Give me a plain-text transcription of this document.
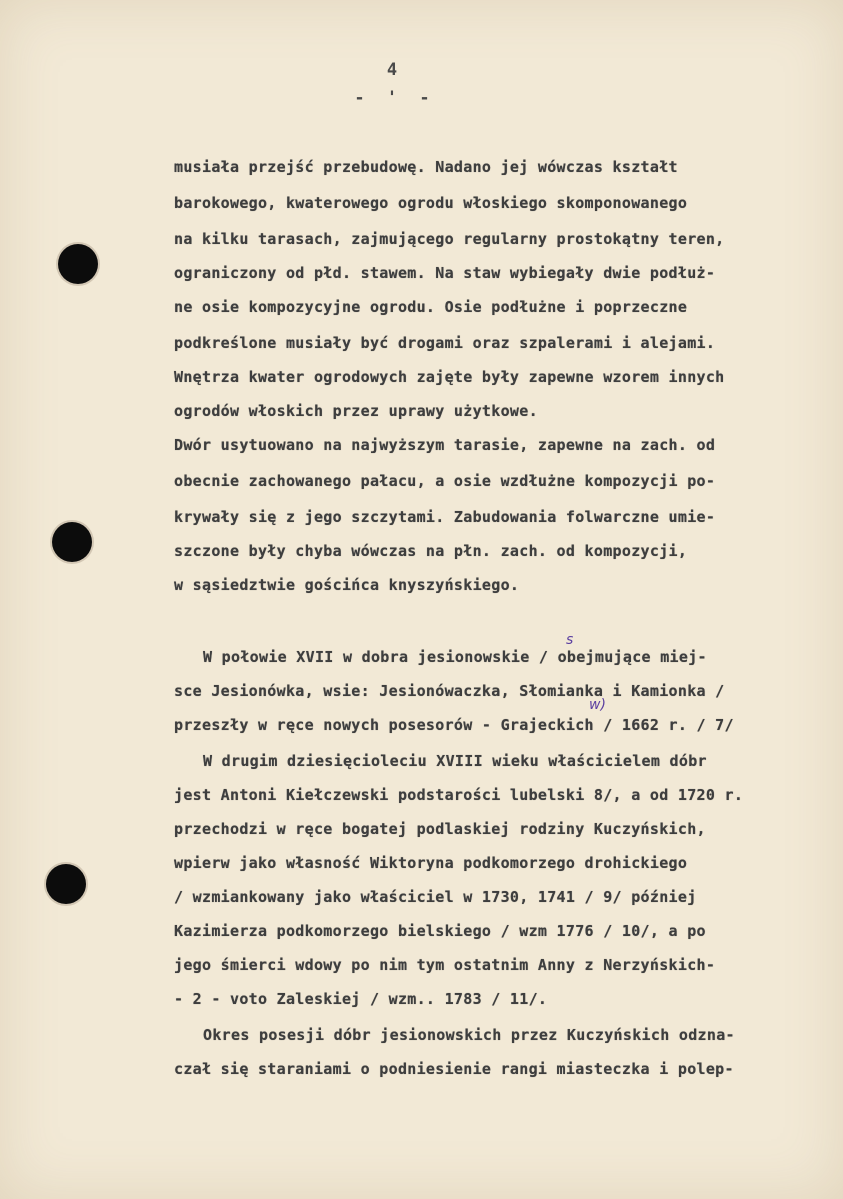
4
- ' -
musiała przejść przebudowę. Nadano jej wówczas kształt
barokowego, kwaterowego ogrodu włoskiego skomponowanego
na kilku tarasach, zajmującego regularny prostokątny teren,
ograniczony od płd. stawem. Na staw wybiegały dwie podłuż-
ne osie kompozycyjne ogrodu. Osie podłużne i poprzeczne
podkreślone musiały być drogami oraz szpalerami i alejami.
Wnętrza kwater ogrodowych zajęte były zapewne wzorem innych
ogrodów włoskich przez uprawy użytkowe.
Dwór usytuowano na najwyższym tarasie, zapewne na zach. od
obecnie zachowanego pałacu, a osie wzdłużne kompozycji po-
krywały się z jego szczytami. Zabudowania folwarczne umie-
szczone były chyba wówczas na płn. zach. od kompozycji,
w sąsiedztwie gościńca knyszyńskiego.
s
w)
W połowie XVII w dobra jesionowskie / obejmujące miej-
sce Jesionówka, wsie: Jesionówaczka, Słomianka i Kamionka /
przeszły w ręce nowych posesorów - Grajeckich / 1662 r. / 7/
W drugim dziesięcioleciu XVIII wieku właścicielem dóbr
jest Antoni Kiełczewski podstarości lubelski 8/, a od 1720 r.
przechodzi w ręce bogatej podlaskiej rodziny Kuczyńskich,
wpierw jako własność Wiktoryna podkomorzego drohickiego
/ wzmiankowany jako właściciel w 1730, 1741 / 9/ później
Kazimierza podkomorzego bielskiego / wzm 1776 / 10/, a po
jego śmierci wdowy po nim tym ostatnim Anny z Nerzyńskich-
- 2 - voto Zaleskiej / wzm.. 1783 / 11/.
Okres posesji dóbr jesionowskich przez Kuczyńskich odzna-
czał się staraniami o podniesienie rangi miasteczka i polep-
